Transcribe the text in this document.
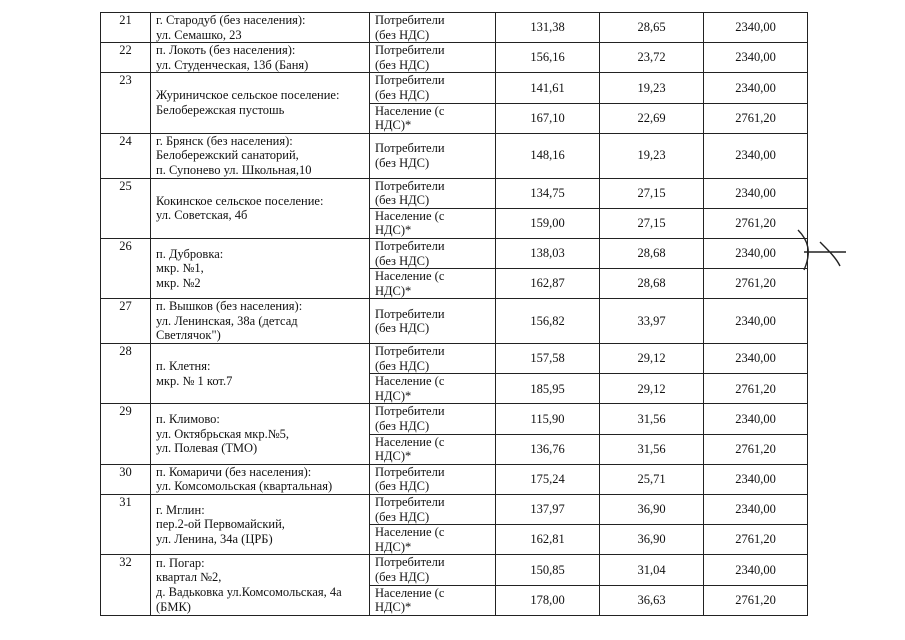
21	г. Стародуб (без населения):
ул. Семашко, 23	Потребители
(без НДС)	131,38	28,65	2340,00
22	п. Локоть (без населения):
ул. Студенческая, 13б (Баня)	Потребители
(без НДС)	156,16	23,72	2340,00
23	Журиничское сельское поселение:
Белобережская пустошь	Потребители
(без НДС)	141,61	19,23	2340,00
		Население (с
НДС)*	167,10	22,69	2761,20
24	г. Брянск (без населения):
Белобережский санаторий,
п. Супонево ул. Школьная,10	Потребители
(без НДС)	148,16	19,23	2340,00
25	Кокинское сельское поселение:
ул. Советская, 4б	Потребители
(без НДС)	134,75	27,15	2340,00
		Население (с
НДС)*	159,00	27,15	2761,20
26	п. Дубровка:
мкр. №1,
мкр. №2	Потребители
(без НДС)	138,03	28,68	2340,00
		Население (с
НДС)*	162,87	28,68	2761,20
27	п. Вышков (без населения):
ул. Ленинская, 38а (детсад
Светлячок")	Потребители
(без НДС)	156,82	33,97	2340,00
28	п. Клетня:
мкр. № 1 кот.7	Потребители
(без НДС)	157,58	29,12	2340,00
		Население (с
НДС)*	185,95	29,12	2761,20
29	п. Климово:
ул. Октябрьская мкр.№5,
ул. Полевая (ТМО)	Потребители
(без НДС)	115,90	31,56	2340,00
		Население (с
НДС)*	136,76	31,56	2761,20
30	п. Комаричи (без населения):
ул. Комсомольская (квартальная)	Потребители
(без НДС)	175,24	25,71	2340,00
31	г. Мглин:
пер.2-ой Первомайский,
ул. Ленина, 34а (ЦРБ)	Потребители
(без НДС)	137,97	36,90	2340,00
		Население (с
НДС)*	162,81	36,90	2761,20
32	п. Погар:
квартал №2,
д. Вадьковка ул.Комсомольская, 4а
(БМК)	Потребители
(без НДС)	150,85	31,04	2340,00
		Население (с
НДС)*	178,00	36,63	2761,20
